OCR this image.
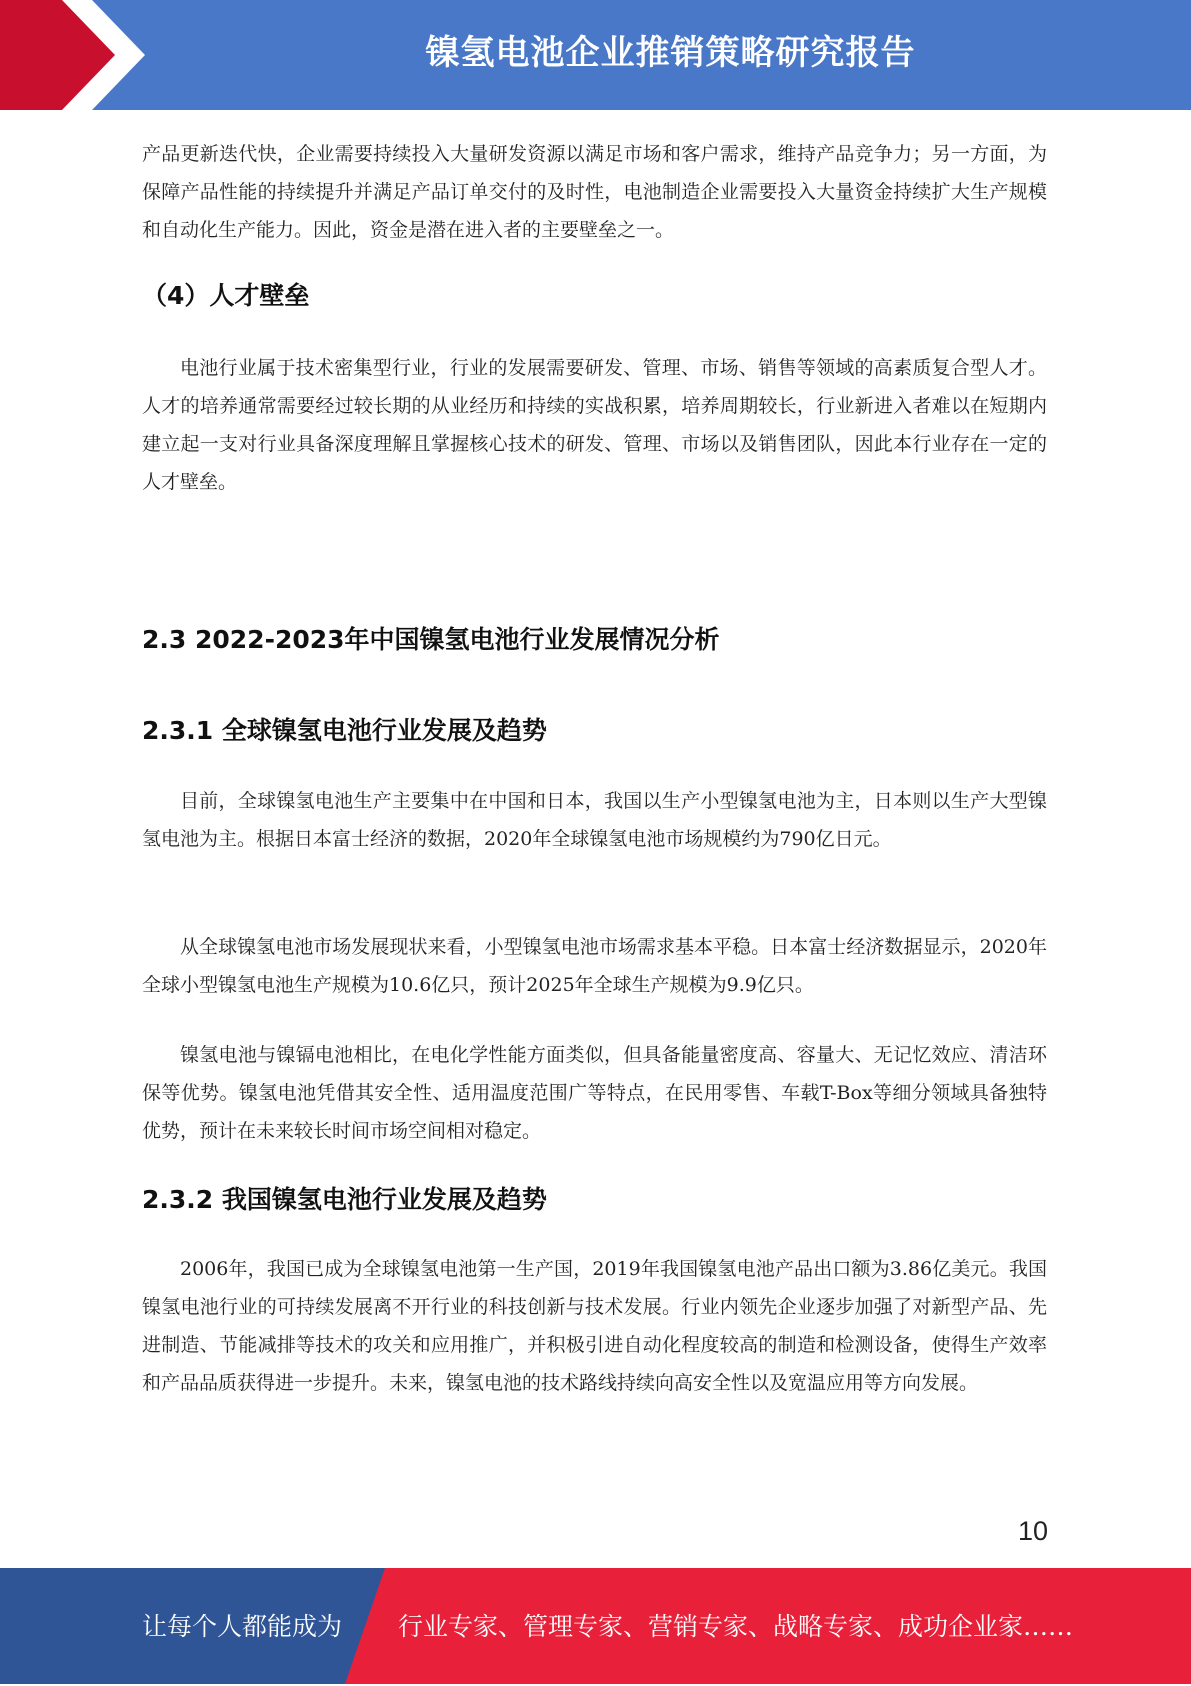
镍氢电池企业推销策略研究报告

产品更新迭代快，企业需要持续投入大量研发资源以满足市场和客户需求，维持产品竞争力；另一方面，为保障产品性能的持续提升并满足产品订单交付的及时性，电池制造企业需要投入大量资金持续扩大生产规模和自动化生产能力。因此，资金是潜在进入者的主要壁垒之一。

（4）人才壁垒

电池行业属于技术密集型行业，行业的发展需要研发、管理、市场、销售等领域的高素质复合型人才。人才的培养通常需要经过较长期的从业经历和持续的实战积累，培养周期较长，行业新进入者难以在短期内建立起一支对行业具备深度理解且掌握核心技术的研发、管理、市场以及销售团队，因此本行业存在一定的人才壁垒。

2.3 2022-2023年中国镍氢电池行业发展情况分析
2.3.1 全球镍氢电池行业发展及趋势

目前，全球镍氢电池生产主要集中在中国和日本，我国以生产小型镍氢电池为主，日本则以生产大型镍氢电池为主。根据日本富士经济的数据，2020年全球镍氢电池市场规模约为790亿日元。

从全球镍氢电池市场发展现状来看，小型镍氢电池市场需求基本平稳。日本富士经济数据显示，2020年全球小型镍氢电池生产规模为10.6亿只，预计2025年全球生产规模为9.9亿只。

镍氢电池与镍镉电池相比，在电化学性能方面类似，但具备能量密度高、容量大、无记忆效应、清洁环保等优势。镍氢电池凭借其安全性、适用温度范围广等特点，在民用零售、车载T-Box等细分领域具备独特优势，预计在未来较长时间市场空间相对稳定。

2.3.2 我国镍氢电池行业发展及趋势

2006年，我国已成为全球镍氢电池第一生产国，2019年我国镍氢电池产品出口额为3.86亿美元。我国镍氢电池行业的可持续发展离不开行业的科技创新与技术发展。行业内领先企业逐步加强了对新型产品、先进制造、节能减排等技术的攻关和应用推广，并积极引进自动化程度较高的制造和检测设备，使得生产效率和产品品质获得进一步提升。未来，镍氢电池的技术路线持续向高安全性以及宽温应用等方向发展。

10
让每个人都能成为 行业专家、管理专家、营销专家、战略专家、成功企业家……
